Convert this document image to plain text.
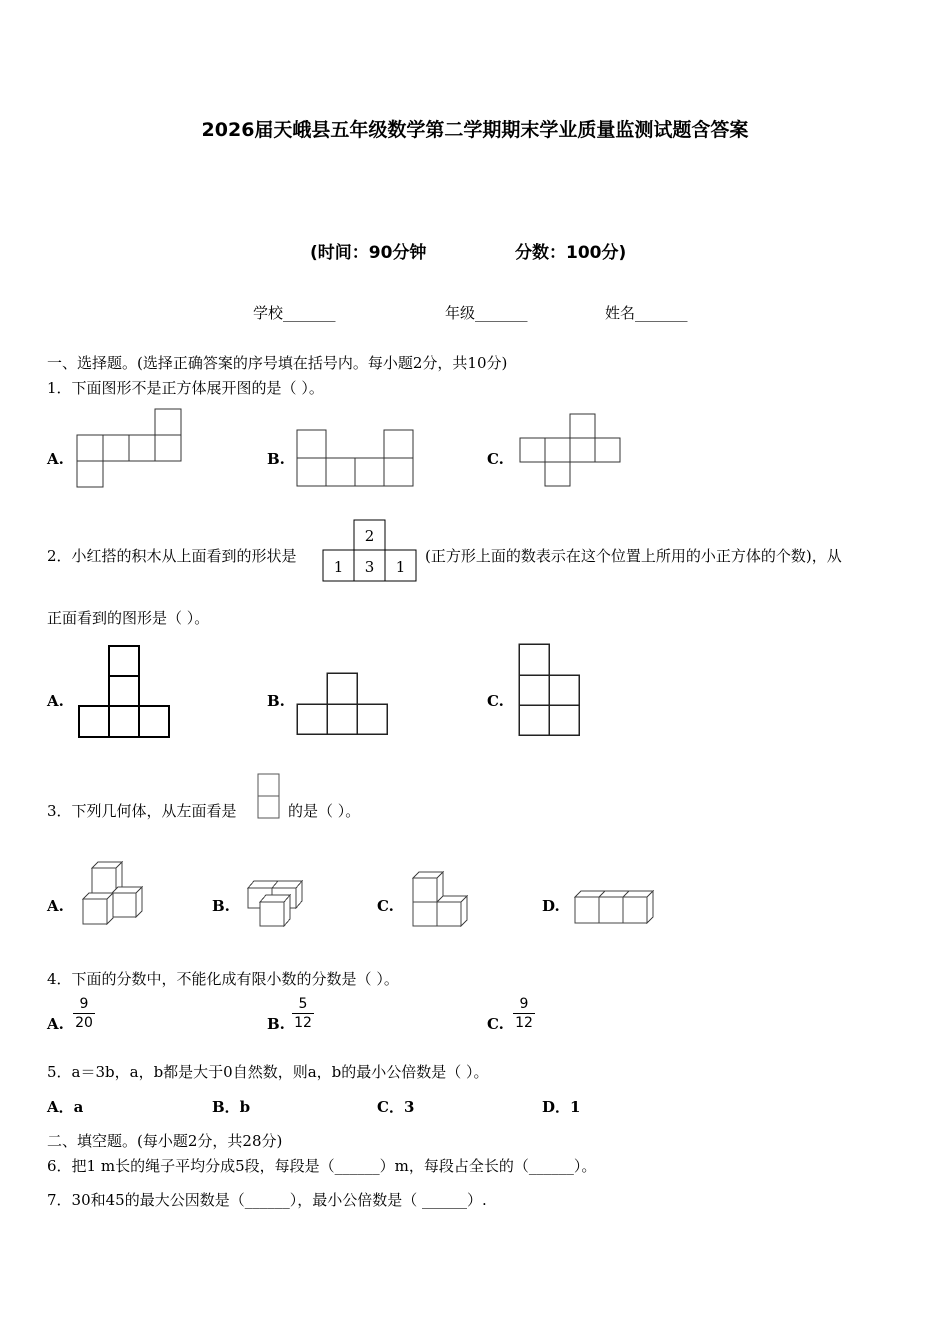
2026届天峨县五年级数学第二学期期末学业质量监测试题含答案
(时间：90分钟	分数：100分)
学校_______	年级_______	姓名_______
一、选择题。(选择正确答案的序号填在括号内。每小题2分，共10分)
1．下面图形不是正方体展开图的是（ ）。
A.	B.	C.
2．小红搭的积木从上面看到的形状是
2
1 3 1
(正方形上面的数表示在这个位置上所用的小正方体的个数)，从
正面看到的图形是（ ）。
A.	B.	C.
3．下列几何体，从左面看是	的是（ ）。
A.	B.	C.	D.
4．下面的分数中，不能化成有限小数的分数是（ ）。
A.
9
20	B.
5
12	C.
9
12
5．a＝3b，a，b都是大于0自然数，则a，b的最小公倍数是（ ）。
A．a	B．b	C．3	D．1
二、填空题。(每小题2分，共28分)
6．把1 m长的绳子平均分成5段，每段是（______）m，每段占全长的（______）。
7．30和45的最大公因数是（______），最小公倍数是（ ______）.
